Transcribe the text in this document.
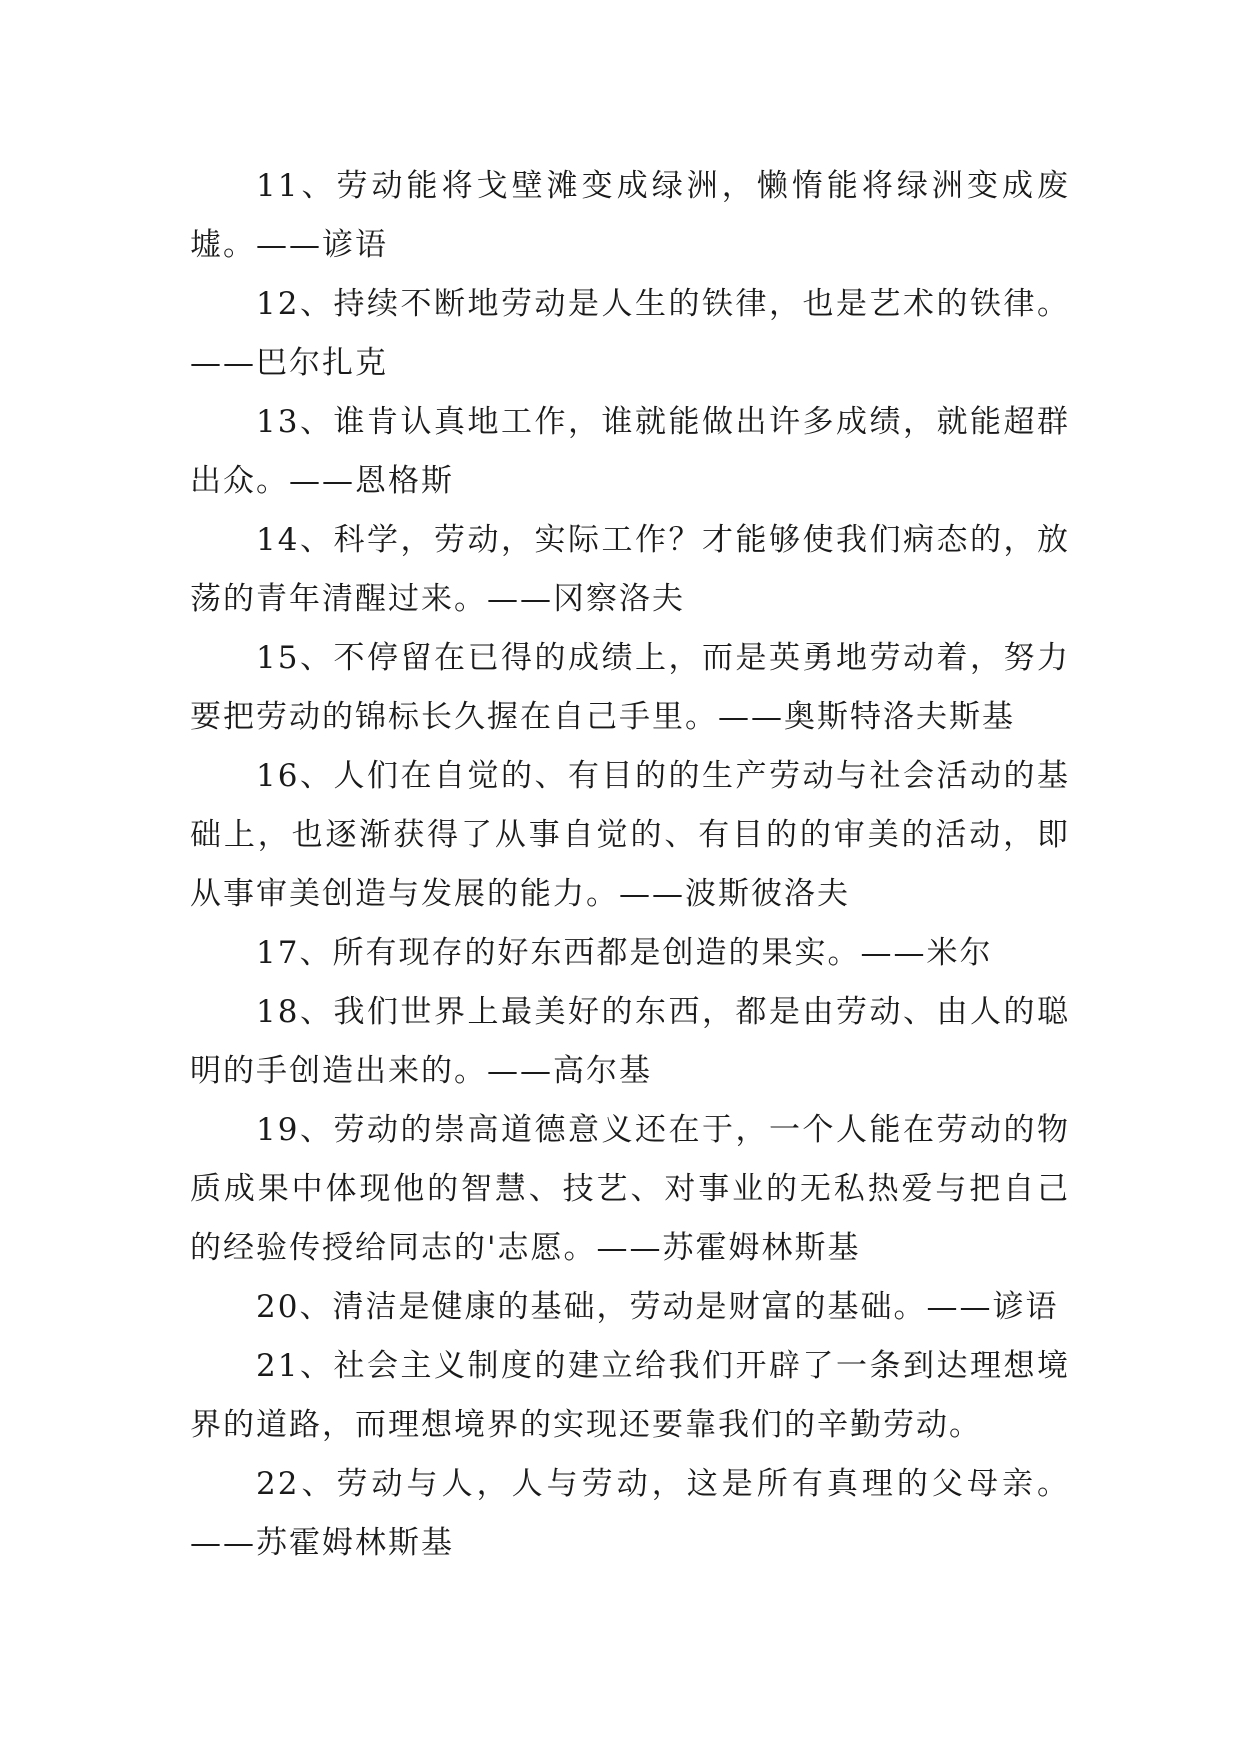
11、劳动能将戈壁滩变成绿洲，懒惰能将绿洲变成废墟。——谚语

12、持续不断地劳动是人生的铁律，也是艺术的铁律。——巴尔扎克

13、谁肯认真地工作，谁就能做出许多成绩，就能超群出众。——恩格斯

14、科学，劳动，实际工作？才能够使我们病态的，放荡的青年清醒过来。——冈察洛夫

15、不停留在已得的成绩上，而是英勇地劳动着，努力要把劳动的锦标长久握在自己手里。——奥斯特洛夫斯基

16、人们在自觉的、有目的的生产劳动与社会活动的基础上，也逐渐获得了从事自觉的、有目的的审美的活动，即从事审美创造与发展的能力。——波斯彼洛夫

17、所有现存的好东西都是创造的果实。——米尔

18、我们世界上最美好的东西，都是由劳动、由人的聪明的手创造出来的。——高尔基

19、劳动的崇高道德意义还在于，一个人能在劳动的物质成果中体现他的智慧、技艺、对事业的无私热爱与把自己的经验传授给同志的'志愿。——苏霍姆林斯基

20、清洁是健康的基础，劳动是财富的基础。——谚语

21、社会主义制度的建立给我们开辟了一条到达理想境界的道路，而理想境界的实现还要靠我们的辛勤劳动。

22、劳动与人，人与劳动，这是所有真理的父母亲。——苏霍姆林斯基
